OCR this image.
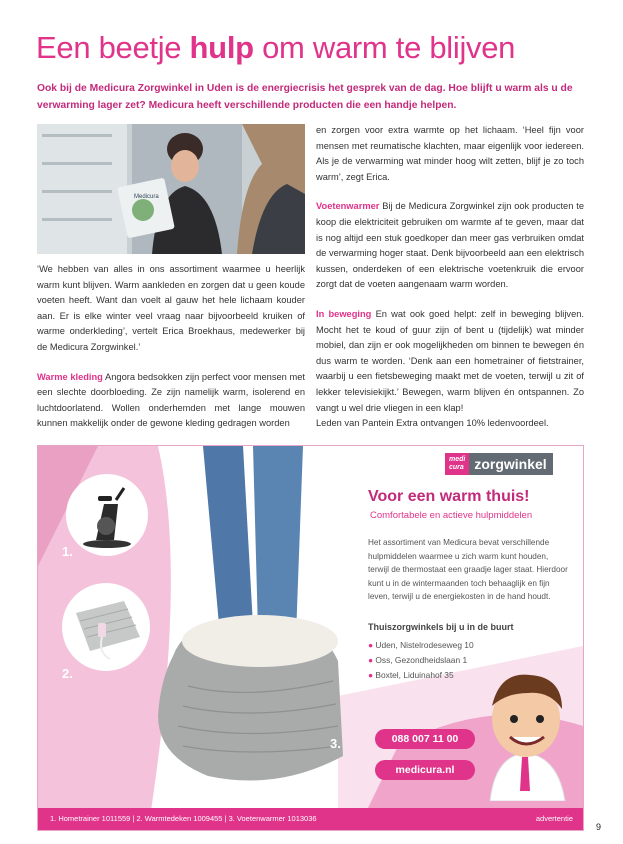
Een beetje hulp om warm te blijven
Ook bij de Medicura Zorgwinkel in Uden is de energiecrisis het gesprek van de dag. Hoe blijft u warm als u de verwarming lager zet? Medicura heeft verschillende producten die een handje helpen.
Medicura

‘We hebben van alles in ons assortiment waarmee u heerlijk warm kunt blijven. Warm aankleden en zorgen dat u geen koude voeten heeft. Want dan voelt al gauw het hele lichaam kouder aan. Er is elke winter veel vraag naar bijvoorbeeld kruiken of warme onderkleding’, vertelt Erica Broekhaus, medewerker bij de Medicura Zorgwinkel.’

Warme kleding Angora bedsokken zijn perfect voor mensen met een slechte doorbloeding. Ze zijn namelijk warm, isolerend en luchtdoorlatend. Wollen onderhemden met lange mouwen kunnen makkelijk onder de gewone kleding gedragen worden

en zorgen voor extra warmte op het lichaam. ‘Heel fijn voor mensen met reumatische klachten, maar eigenlijk voor iedereen. Als je de verwarming wat minder hoog wilt zetten, blijf je zo toch warm’, zegt Erica.

Voetenwarmer Bij de Medicura Zorgwinkel zijn ook producten te koop die elektriciteit gebruiken om warmte af te geven, maar dat is nog altijd een stuk goedkoper dan meer gas verbruiken omdat de verwarming hoger staat. Denk bijvoorbeeld aan een elektrisch kussen, onderdeken of een elektrische voetenkruik die ervoor zorgt dat de voeten aangenaam warm worden.

In beweging En wat ook goed helpt: zelf in beweging blijven. Mocht het te koud of guur zijn of bent u (tijdelijk) wat minder mobiel, dan zijn er ook mogelijkheden om binnen te bewegen én dus warm te worden. ‘Denk aan een hometrainer of fietstrainer, waarbij u een fietsbeweging maakt met de voeten, terwijl u zit of lekker televisiekijkt.’ Bewegen, warm blijven én ontspannen. Zo vangt u wel drie vliegen in een klap!

Leden van Pantein Extra ontvangen 10% ledenvoordeel.

1.
2.
3.
medi
cura zorgwinkel
Voor een warm thuis!
Comfortabele en actieve hulpmiddelen
Het assortiment van Medicura bevat verschillende hulpmiddelen waarmee u zich warm kunt houden, terwijl de thermostaat een graadje lager staat. Hierdoor kunt u in de wintermaanden toch behaaglijk en fijn leven, terwijl u de energiekosten in de hand houdt.
Thuiszorgwinkels bij u in de buurt
● Uden, Nistelrodeseweg 10
● Oss, Gezondheidslaan 1
● Boxtel, Liduinahof 35
088 007 11 00
medicura.nl
1. Hometrainer 1011559 | 2. Warmtedeken 1009455 | 3. Voetenwarmer 1013036	advertentie
9
